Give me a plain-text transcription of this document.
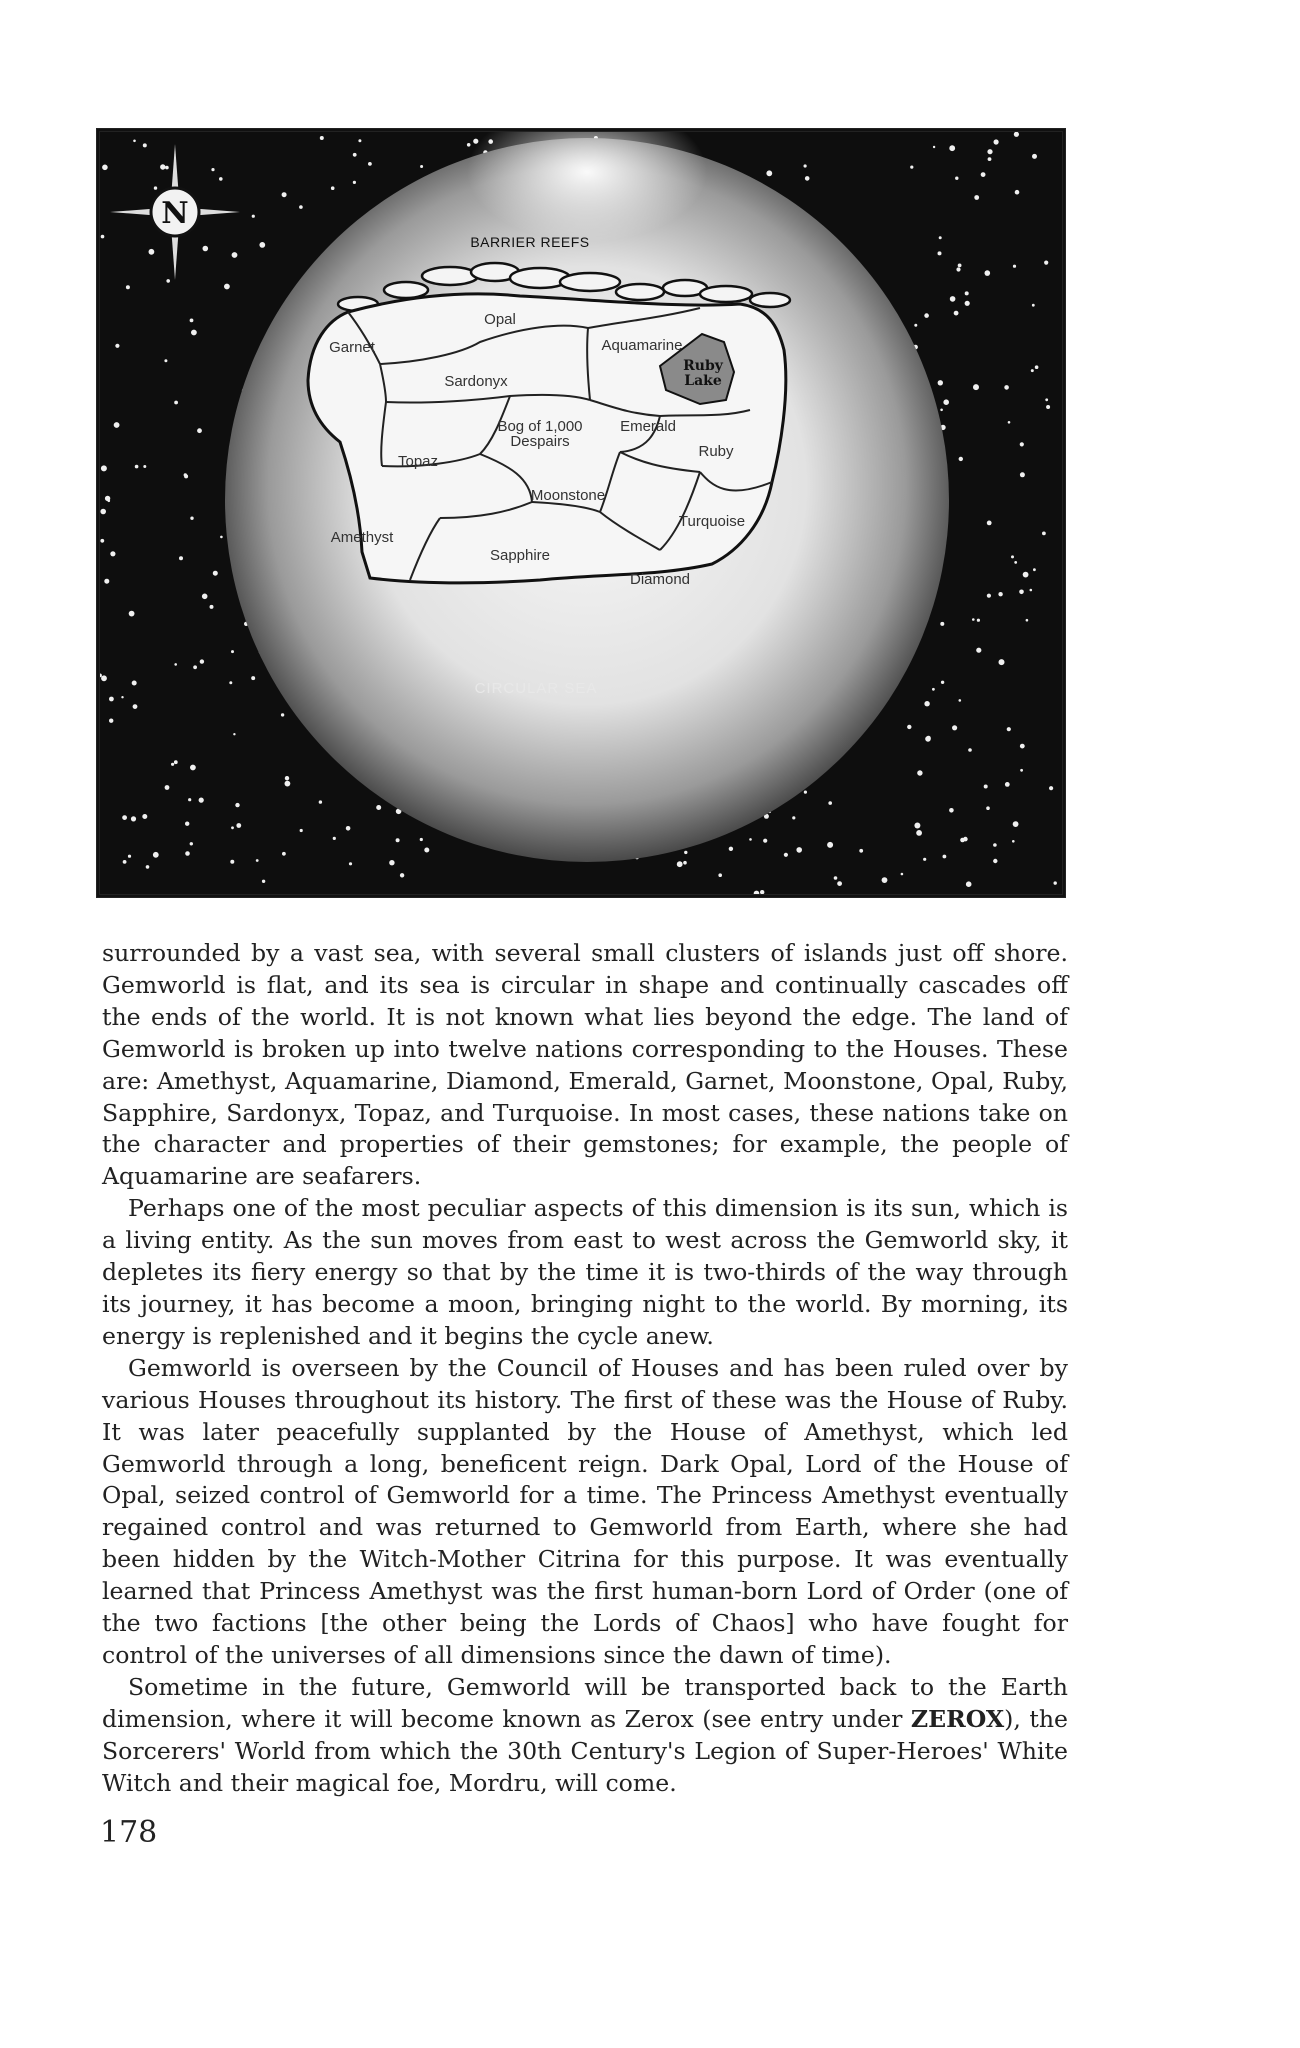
N
BARRIER REEFS
Garnet
Opal
Aquamarine
Sardonyx
Bog of 1,000
Despairs
Emerald
Topaz
Ruby
Ruby
Lake
Moonstone
Turquoise
Amethyst
Sapphire
Diamond
CIRCULAR SEA

surrounded by a vast sea, with several small clusters of islands just off shore. Gemworld is flat, and its sea is circular in shape and continually cascades off the ends of the world. It is not known what lies beyond the edge. The land of Gemworld is broken up into twelve nations corresponding to the Houses. These are: Amethyst, Aquamarine, Diamond, Emerald, Garnet, Moonstone, Opal, Ruby, Sapphire, Sardonyx, Topaz, and Turquoise. In most cases, these nations take on the character and properties of their gemstones; for example, the people of Aquamarine are seafarers.

Perhaps one of the most peculiar aspects of this dimension is its sun, which is a living entity. As the sun moves from east to west across the Gemworld sky, it depletes its fiery energy so that by the time it is two-thirds of the way through its journey, it has become a moon, bringing night to the world. By morning, its energy is replenished and it begins the cycle anew.

Gemworld is overseen by the Council of Houses and has been ruled over by various Houses throughout its history. The first of these was the House of Ruby. It was later peacefully supplanted by the House of Amethyst, which led Gemworld through a long, beneficent reign. Dark Opal, Lord of the House of Opal, seized control of Gemworld for a time. The Princess Amethyst eventually regained control and was returned to Gemworld from Earth, where she had been hidden by the Witch-Mother Citrina for this purpose. It was eventually learned that Princess Amethyst was the first human-born Lord of Order (one of the two factions [the other being the Lords of Chaos] who have fought for control of the universes of all dimensions since the dawn of time).

Sometime in the future, Gemworld will be transported back to the Earth dimension, where it will become known as Zerox (see entry under ZEROX), the Sorcerers' World from which the 30th Century's Legion of Super-Heroes' White Witch and their magical foe, Mordru, will come.

178
